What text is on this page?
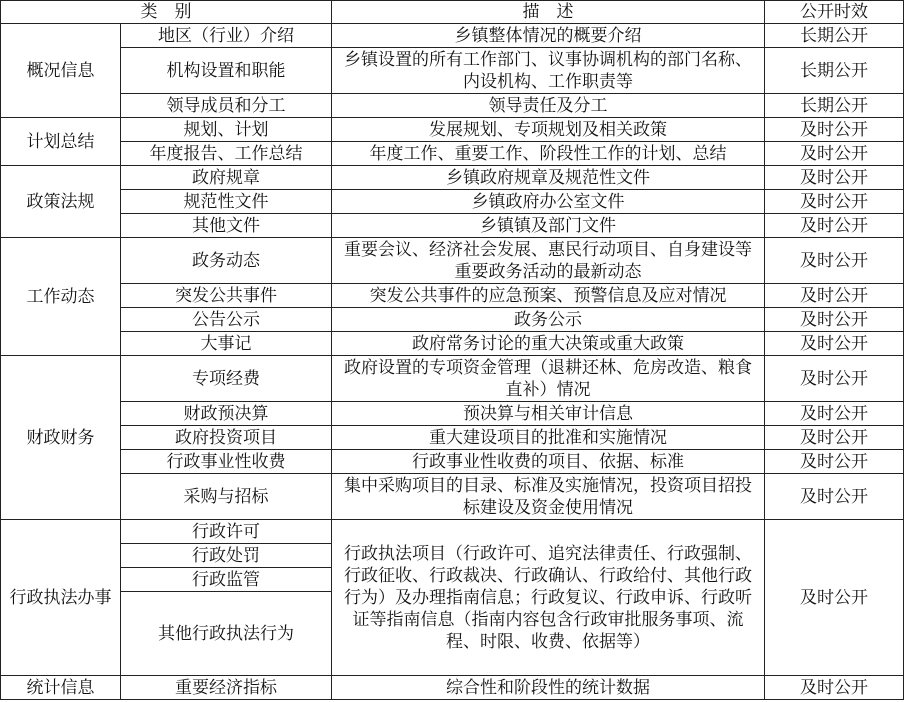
类　别		描　述	公开时效
概况信息	地区（行业）介绍	乡镇整体情况的概要介绍	长期公开
	机构设置和职能	乡镇设置的所有工作部门、议事协调机构的部门名称、内设机构、工作职责等	长期公开
	领导成员和分工	领导责任及分工	长期公开
计划总结	规划、计划	发展规划、专项规划及相关政策	及时公开
	年度报告、工作总结	年度工作、重要工作、阶段性工作的计划、总结	及时公开
政策法规	政府规章	乡镇政府规章及规范性文件	及时公开
	规范性文件	乡镇政府办公室文件	及时公开
	其他文件	乡镇镇及部门文件	及时公开
工作动态	政务动态	重要会议、经济社会发展、惠民行动项目、自身建设等重要政务活动的最新动态	及时公开
	突发公共事件	突发公共事件的应急预案、预警信息及应对情况	及时公开
	公告公示	政务公示	及时公开
	大事记	政府常务讨论的重大决策或重大政策	及时公开
财政财务	专项经费	政府设置的专项资金管理（退耕还林、危房改造、粮食直补）情况	及时公开
	财政预决算	预决算与相关审计信息	及时公开
	政府投资项目	重大建设项目的批准和实施情况	及时公开
	行政事业性收费	行政事业性收费的项目、依据、标准	及时公开
	采购与招标	集中采购项目的目录、标准及实施情况，投资项目招投标建设及资金使用情况	及时公开
行政执法办事	行政许可	行政执法项目（行政许可、追究法律责任、行政强制、行政征收、行政裁决、行政确认、行政给付、其他行政行为）及办理指南信息；行政复议、行政申诉、行政听证等指南信息（指南内容包含行政审批服务事项、流程、时限、收费、依据等）	及时公开
	行政处罚		
	行政监管		
	其他行政执法行为		
统计信息	重要经济指标	综合性和阶段性的统计数据	及时公开
